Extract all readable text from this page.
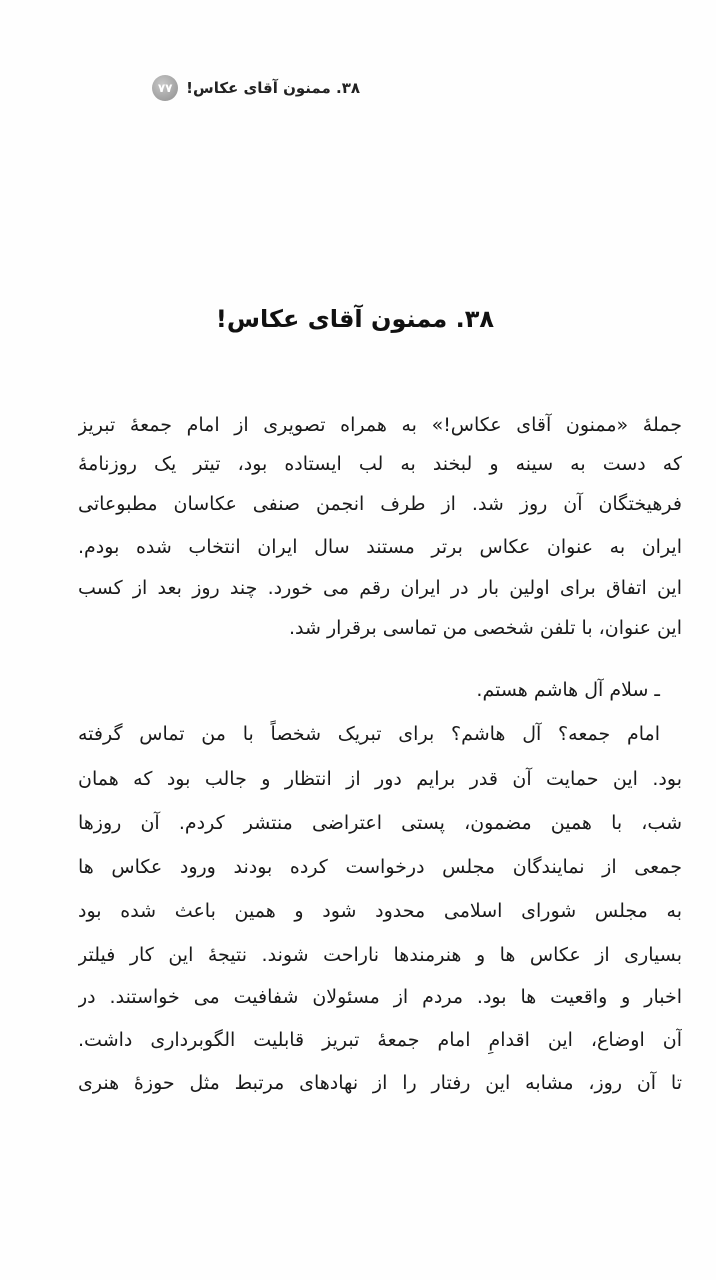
۳۸. ممنون آقای عکاس!
۷۷
۳۸. ممنون آقای عکاس!
جملهٔ «ممنون آقای عکاس!» به همراه تصویری از امام جمعهٔ تبریز
که دست به سینه و لبخند به لب ایستاده بود، تیتر یک روزنامهٔ
فرهیختگان آن روز شد. از طرف انجمن صنفی عکاسان مطبوعاتی
ایران به عنوان عکاس برتر مستند سال ایران انتخاب شده بودم.
این اتفاق برای اولین بار در ایران رقم می خورد. چند روز بعد از کسب
این عنوان، با تلفن شخصی من تماسی برقرار شد.
ـ سلام آل هاشم هستم.
امام جمعه؟ آل هاشم؟ برای تبریک شخصاً با من تماس گرفته
بود. این حمایت آن قدر برایم دور از انتظار و جالب بود که همان
شب، با همین مضمون، پستی اعتراضی منتشر کردم. آن روزها
جمعی از نمایندگان مجلس درخواست کرده بودند ورود عکاس ها
به مجلس شورای اسلامی محدود شود و همین باعث شده بود
بسیاری از عکاس ها و هنرمندها ناراحت شوند. نتیجهٔ این کار فیلتر
اخبار و واقعیت ها بود. مردم از مسئولان شفافیت می خواستند. در
آن اوضاع، این اقدامِ امام جمعهٔ تبریز قابلیت الگوبرداری داشت.
تا آن روز، مشابه این رفتار را از نهادهای مرتبط مثل حوزهٔ هنری
